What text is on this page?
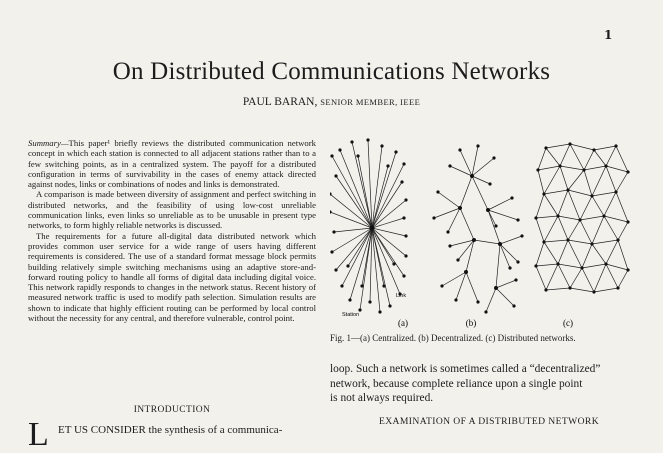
1
On Distributed Communications Networks
PAUL BARAN, SENIOR MEMBER, IEEE

Summary—This paper¹ briefly reviews the distributed communication network concept in which each station is connected to all adjacent stations rather than to a few switching points, as in a centralized system. The payoff for a distributed configuration in terms of survivability in the cases of enemy attack directed against nodes, links or combinations of nodes and links is demonstrated.

A comparison is made between diversity of assignment and perfect switching in distributed networks, and the feasibility of using low-cost unreliable communication links, even links so unreliable as to be unusable in present type networks, to form highly reliable networks is discussed.

The requirements for a future all-digital data distributed network which provides common user service for a wide range of users having different requirements is considered. The use of a standard format message block permits building relatively simple switching mechanisms using an adaptive store-and-forward routing policy to handle all forms of digital data including digital voice. This network rapidly responds to changes in the network status. Recent history of measured network traffic is used to modify path selection. Simulation results are shown to indicate that highly efficient routing can be performed by local control without the necessity for any central, and therefore vulnerable, control point.

INTRODUCTION
L ET US CONSIDER the synthesis of a communica-
(a)	(b)	(c)
Link
Station
Fig. 1—(a) Centralized. (b) Decentralized. (c) Distributed networks.
loop. Such a network is sometimes called a “decentralized”
network, because complete reliance upon a single point
is not always required.
EXAMINATION OF A DISTRIBUTED NETWORK
